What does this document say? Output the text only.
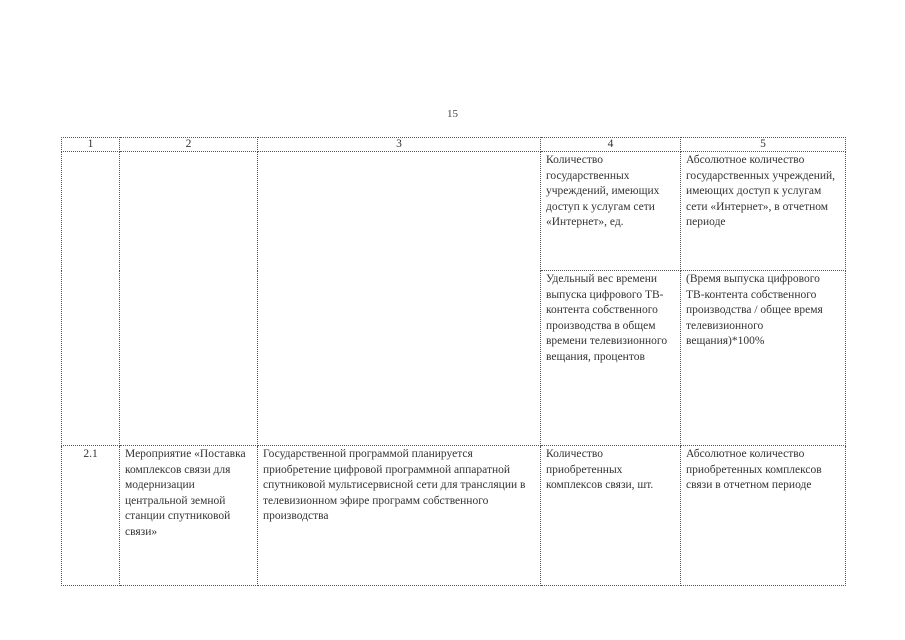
15
1	2	3	4	5
			Количество государственных учреждений, имеющих доступ к услугам сети «Интернет», ед.	Абсолютное количество государственных учреждений, имеющих доступ к услугам сети «Интернет», в отчетном периоде
			Удельный вес времени выпуска цифрового ТВ-контента собственного производства в общем времени телевизионного вещания, процентов	(Время выпуска цифрового ТВ-контента собственного производства / общее время телевизионного вещания)*100%
2.1	Мероприятие «Поставка комплексов связи для модернизации центральной земной станции спутниковой связи»	Государственной программой планируется приобретение цифровой программной аппаратной спутниковой мультисервисной сети для трансляции в телевизионном эфире программ собственного производства	Количество приобретенных комплексов связи, шт.	Абсолютное количество приобретенных комплексов связи в отчетном периоде
